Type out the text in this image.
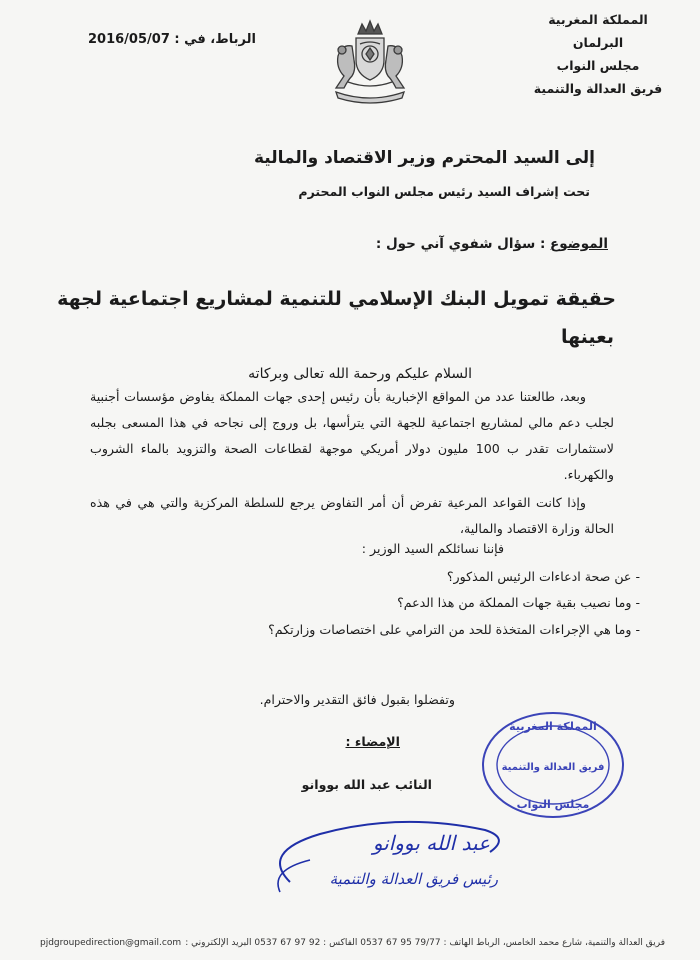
المملكة المغربية
البرلمان
مجلس النواب
فريق العدالة والتنمية
الرباط، في : 2016/05/07
إلى السيد المحترم وزير الاقتصاد والمالية
تحت إشراف السيد رئيس مجلس النواب المحترم
الموضوع : سؤال شفوي آني حول :
حقيقة تمويل البنك الإسلامي للتنمية لمشاريع اجتماعية لجهة
بعينها
السلام عليكم ورحمة الله تعالى وبركاته
وبعد، طالعتنا عدد من المواقع الإخبارية بأن رئيس إحدى جهات المملكة يفاوض مؤسسات أجنبية لجلب دعم مالي لمشاريع اجتماعية للجهة التي يترأسها، بل وروج إلى نجاحه في هذا المسعى بجلبه لاستثمارات تقدر ب 100 مليون دولار أمريكي موجهة لقطاعات الصحة والتزويد بالماء الشروب والكهرباء.
وإذا كانت القواعد المرعية تفرض أن أمر التفاوض يرجع للسلطة المركزية والتي هي في هذه الحالة وزارة الاقتصاد والمالية،
فإننا نسائلكم السيد الوزير :
- عن صحة ادعاءات الرئيس المذكور؟
- وما نصيب بقية جهات المملكة من هذا الدعم؟
- وما هي الإجراءات المتخذة للحد من الترامي على اختصاصات وزارتكم؟
وتفضلوا بقبول فائق التقدير والاحترام.
الإمضاء :
النائب عبد الله بووانو
المملكة المغربية
فريق العدالة والتنمية
مجلس النواب
عبد الله بووانو
رئيس فريق العدالة والتنمية
pjdgroupedirection@gmail.com فريق العدالة والتنمية، شارع محمد الخامس، الرباط الهاتف : 79/77 95 67 0537 الفاكس : 92 97 67 0537 البريد الإلكتروني :
